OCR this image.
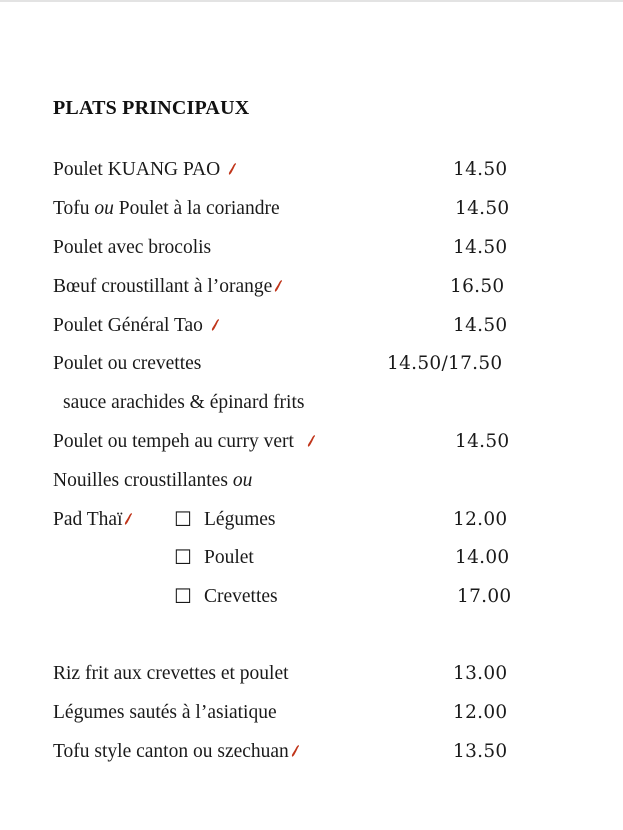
PLATS PRINCIPAUX
Poulet KUANG PAO	14.50
Tofu ou Poulet à la coriandre	14.50
Poulet avec brocolis	14.50
Bœuf croustillant à l’orange	16.50
Poulet Général Tao	14.50
Poulet ou crevettes	14.50/17.50
sauce arachides & épinard frits
Poulet ou tempeh au curry vert	14.50
Nouilles croustillantes ou
Pad Thaï	☐ Légumes	12.00
☐ Poulet	14.00
☐ Crevettes	17.00
Riz frit aux crevettes et poulet	13.00
Légumes sautés à l’asiatique	12.00
Tofu style canton ou szechuan	13.50
